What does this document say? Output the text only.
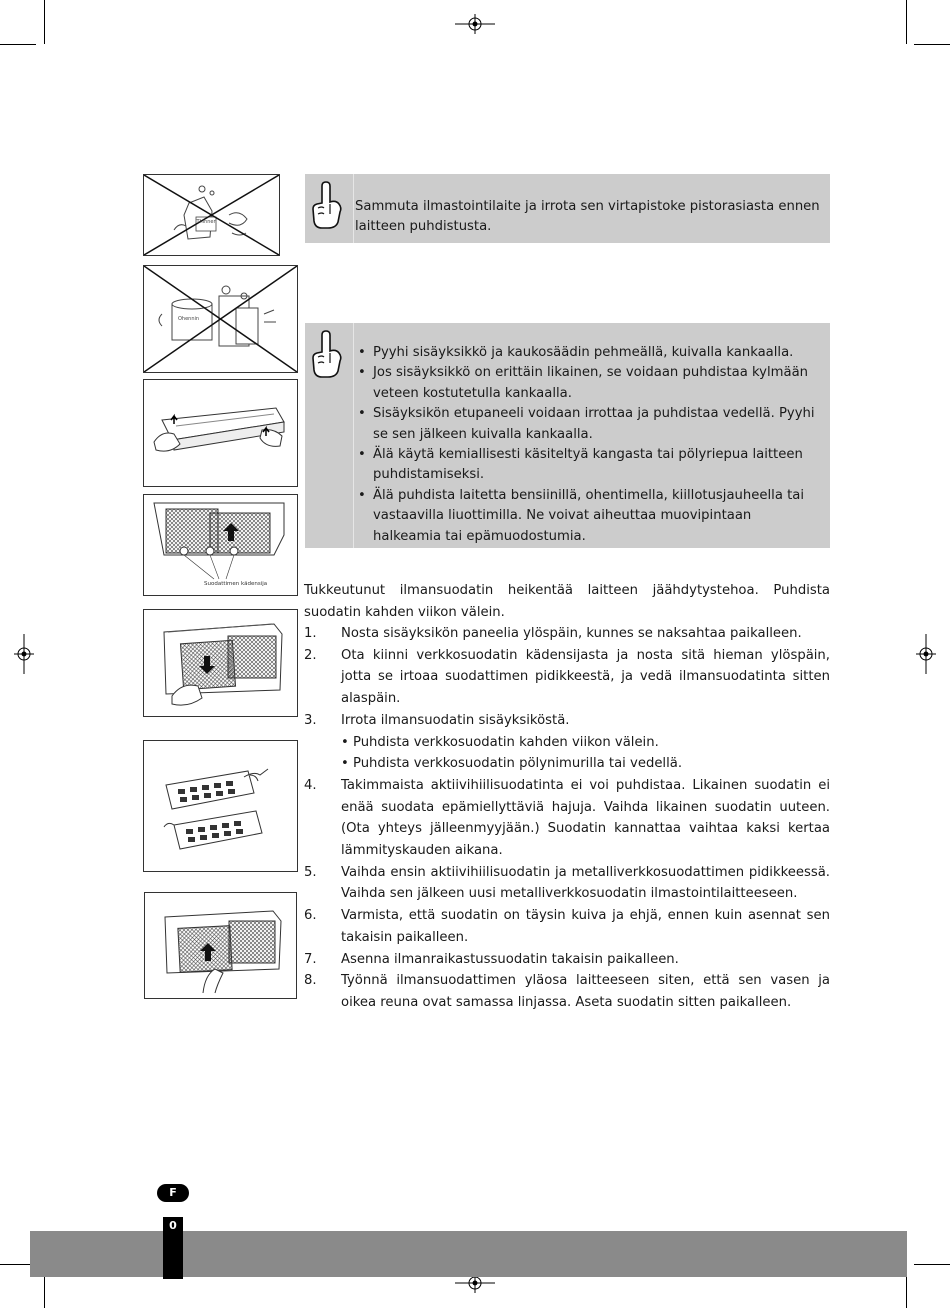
Thinner
Ohennin
Suodattimen kädensija
Sammuta ilmastointilaite ja irrota sen virtapistoke pistorasiasta ennen laitteen puhdistusta.
• Pyyhi sisäyksikkö ja kaukosäädin pehmeällä, kuivalla kankaalla.
• Jos sisäyksikkö on erittäin likainen, se voidaan puhdistaa kylmään veteen kostutetulla kankaalla.
• Sisäyksikön etupaneeli voidaan irrottaa ja puhdistaa vedellä. Pyyhi se sen jälkeen kuivalla kankaalla.
• Älä käytä kemiallisesti käsiteltyä kangasta tai pölyriepua laitteen puhdistamiseksi.
• Älä puhdista laitetta bensiinillä, ohentimella, kiillotusjauheella tai vastaavilla liuottimilla. Ne voivat aiheuttaa muovipintaan halkeamia tai epämuodostumia.
Tukkeutunut ilmansuodatin heikentää laitteen jäähdytystehoa. Puhdista suodatin kahden viikon välein.
1. Nosta sisäyksikön paneelia ylöspäin, kunnes se naksahtaa paikalleen.
2. Ota kiinni verkkosuodatin kädensijasta ja nosta sitä hieman ylöspäin, jotta se irtoaa suodattimen pidikkeestä, ja vedä ilmansuodatinta sitten alaspäin.
3. Irrota ilmansuodatin sisäyksiköstä.
• Puhdista verkkosuodatin kahden viikon välein.
• Puhdista verkkosuodatin pölynimurilla tai vedellä.
4. Takimmaista aktiivihiilisuodatinta ei voi puhdistaa. Likainen suodatin ei enää suodata epämiellyttäviä hajuja. Vaihda likainen suodatin uuteen. (Ota yhteys jälleenmyyjään.) Suodatin kannattaa vaihtaa kaksi kertaa lämmityskauden aikana.
5. Vaihda ensin aktiivihiilisuodatin ja metalliverkkosuodattimen pidikkeessä. Vaihda sen jälkeen uusi metalliverkkosuodatin ilmastointilaitteeseen.
6. Varmista, että suodatin on täysin kuiva ja ehjä, ennen kuin asennat sen takaisin paikalleen.
7. Asenna ilmanraikastussuodatin takaisin paikalleen.
8. Työnnä ilmansuodattimen yläosa laitteeseen siten, että sen vasen ja oikea reuna ovat samassa linjassa. Aseta suodatin sitten paikalleen.
F
0
